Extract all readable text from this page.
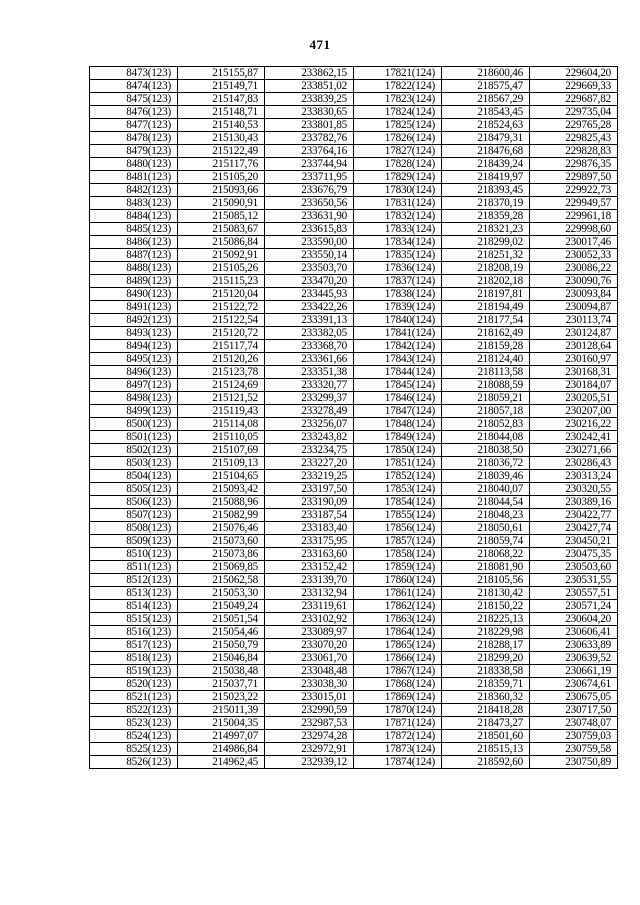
471
8473(123)	215155,87	233862,15	17821(124)	218600,46	229604,20
8474(123)	215149,71	233851,02	17822(124)	218575,47	229669,33
8475(123)	215147,83	233839,25	17823(124)	218567,29	229687,82
8476(123)	215148,71	233830,65	17824(124)	218543,45	229735,04
8477(123)	215140,53	233801,85	17825(124)	218524,63	229765,28
8478(123)	215130,43	233782,76	17826(124)	218479,31	229825,43
8479(123)	215122,49	233764,16	17827(124)	218476,68	229828,83
8480(123)	215117,76	233744,94	17828(124)	218439,24	229876,35
8481(123)	215105,20	233711,95	17829(124)	218419,97	229897,50
8482(123)	215093,66	233676,79	17830(124)	218393,45	229922,73
8483(123)	215090,91	233650,56	17831(124)	218370,19	229949,57
8484(123)	215085,12	233631,90	17832(124)	218359,28	229961,18
8485(123)	215083,67	233615,83	17833(124)	218321,23	229998,60
8486(123)	215086,84	233590,00	17834(124)	218299,02	230017,46
8487(123)	215092,91	233550,14	17835(124)	218251,32	230052,33
8488(123)	215105,26	233503,70	17836(124)	218208,19	230086,22
8489(123)	215115,23	233470,20	17837(124)	218202,18	230090,76
8490(123)	215120,04	233445,93	17838(124)	218197,81	230093,84
8491(123)	215122,72	233422,26	17839(124)	218194,49	230094,87
8492(123)	215122,54	233391,13	17840(124)	218177,54	230113,74
8493(123)	215120,72	233382,05	17841(124)	218162,49	230124,87
8494(123)	215117,74	233368,70	17842(124)	218159,28	230128,64
8495(123)	215120,26	233361,66	17843(124)	218124,40	230160,97
8496(123)	215123,78	233351,38	17844(124)	218113,58	230168,31
8497(123)	215124,69	233320,77	17845(124)	218088,59	230184,07
8498(123)	215121,52	233299,37	17846(124)	218059,21	230205,51
8499(123)	215119,43	233278,49	17847(124)	218057,18	230207,00
8500(123)	215114,08	233256,07	17848(124)	218052,83	230216,22
8501(123)	215110,05	233243,82	17849(124)	218044,08	230242,41
8502(123)	215107,69	233234,75	17850(124)	218038,50	230271,66
8503(123)	215109,13	233227,20	17851(124)	218036,72	230286,43
8504(123)	215104,65	233219,25	17852(124)	218039,46	230313,24
8505(123)	215093,42	233197,50	17853(124)	218040,07	230320,55
8506(123)	215088,96	233190,09	17854(124)	218044,54	230389,16
8507(123)	215082,99	233187,54	17855(124)	218048,23	230422,77
8508(123)	215076,46	233183,40	17856(124)	218050,61	230427,74
8509(123)	215073,60	233175,95	17857(124)	218059,74	230450,21
8510(123)	215073,86	233163,60	17858(124)	218068,22	230475,35
8511(123)	215069,85	233152,42	17859(124)	218081,90	230503,60
8512(123)	215062,58	233139,70	17860(124)	218105,56	230531,55
8513(123)	215053,30	233132,94	17861(124)	218130,42	230557,51
8514(123)	215049,24	233119,61	17862(124)	218150,22	230571,24
8515(123)	215051,54	233102,92	17863(124)	218225,13	230604,20
8516(123)	215054,46	233089,97	17864(124)	218229,98	230606,41
8517(123)	215050,79	233070,20	17865(124)	218288,17	230633,89
8518(123)	215046,84	233061,70	17866(124)	218299,20	230639,52
8519(123)	215038,48	233048,48	17867(124)	218338,58	230661,19
8520(123)	215037,71	233038,30	17868(124)	218359,71	230674,61
8521(123)	215023,22	233015,01	17869(124)	218360,32	230675,05
8522(123)	215011,39	232990,59	17870(124)	218418,28	230717,50
8523(123)	215004,35	232987,53	17871(124)	218473,27	230748,07
8524(123)	214997,07	232974,28	17872(124)	218501,60	230759,03
8525(123)	214986,84	232972,91	17873(124)	218515,13	230759,58
8526(123)	214962,45	232939,12	17874(124)	218592,60	230750,89
